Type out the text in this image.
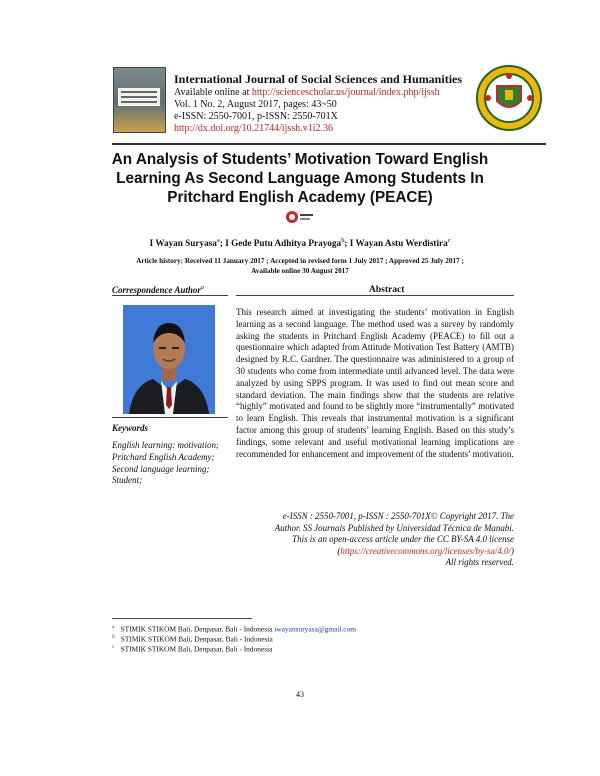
International Journal of Social Sciences and Humanities
Available online at http://sciencescholar.us/journal/index.php/ijssh
Vol. 1 No. 2, August 2017, pages: 43~50
e-ISSN: 2550-7001, p-ISSN: 2550-701X
http://dx.doi.org/10.21744/ijssh.v1i2.36
An Analysis of Students’ Motivation Toward English Learning As Second Language Among Students In Pritchard English Academy (PEACE)
I Wayan Suryasa$^a$; I Gede Putu Adhitya Prayoga$^b$; I Wayan Astu Werdistira$^c$
Article history: Received 11 January 2017 ; Accepted in revised form 1 July 2017 ; Approved 25 July 2017 ;
Available online 30 August 2017
Correspondence Author$^a$	Abstract
Keywords
English learning: motivation; Pritchard English Academy; Second language learning; Student;
This research aimed at investigating the students’ motivation in English learning as a second language. The method used was a survey by randomly asking the students in Pritchard English Academy (PEACE) to fill out a questionnaire which adapted from Attitude Motivation Test Battery (AMTB) designed by R.C. Gardner. The questionnaire was administered to a group of 30 students who come from intermediate until advanced level. The data were analyzed by using SPPS program. It was used to find out mean score and standard deviation. The main findings show that the students are relative “highly” motivated and found to be slightly more “instrumentally” motivated to learn English. This reveals that instrumental motivation is a significant factor among this group of students’ learning English. Based on this study’s findings, some relevant and useful motivational learning implications are recommended for enhancement and improvement of the students’ motivation.
e-ISSN : 2550-7001, p-ISSN : 2550-701X© Copyright 2017. The
Author. SS Journals Published by Universidad Técnica de Manabí.
This is an open-access article under the CC BY-SA 4.0 license
(https://creativecommons.org/licenses/by-sa/4.0/)
All rights reserved.
$^a$ STIMIK STIKOM Bali, Denpasar, Bali - Indonesia iwayansuryasa@gmail.com
$^b$ STIMIK STIKOM Bali, Denpasar, Bali - Indonesia
$^c$ STIMIK STIKOM Bali, Denpasar, Bali - Indonesia
43
